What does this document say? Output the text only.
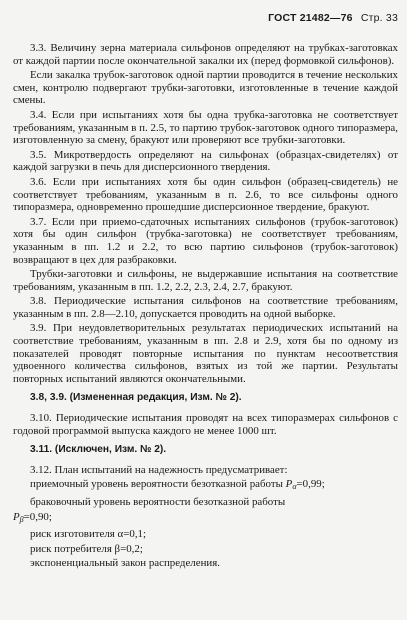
ГОСТ 21482—76 Стр. 33

3.3. Величину зерна материала сильфонов определяют на трубках-заготовках от каждой партии после окончательной закалки их (перед формовкой сильфонов).

Если закалка трубок-заготовок одной партии проводится в течение нескольких смен, контролю подвергают трубки-заготовки, изготовленные в течение каждой смены.

3.4. Если при испытаниях хотя бы одна трубка-заготовка не соответствует требованиям, указанным в п. 2.5, то партию трубок-заготовок одного типоразмера, изготовленную за смену, бракуют или проверяют все трубки-заготовки.

3.5. Микротвердость определяют на сильфонах (образцах-свидетелях) от каждой загрузки в печь для дисперсионного твердения.

3.6. Если при испытаниях хотя бы один сильфон (образец-свидетель) не соответствует требованиям, указанным в п. 2.6, то все сильфоны одного типоразмера, одновременно прошедшие дисперсионное твердение, бракуют.

3.7. Если при приемо-сдаточных испытаниях сильфонов (трубок-заготовок) хотя бы один сильфон (трубка-заготовка) не соответствует требованиям, указанным в пп. 1.2 и 2.2, то всю партию сильфонов (трубок-заготовок) возвращают в цех для разбраковки.

Трубки-заготовки и сильфоны, не выдержавшие испытания на соответствие требованиям, указанным в пп. 1.2, 2.2, 2.3, 2.4, 2.7, бракуют.

3.8. Периодические испытания сильфонов на соответствие требованиям, указанным в пп. 2.8—2.10, допускается проводить на одной выборке.

3.9. При неудовлетворительных результатах периодических испытаний на соответствие требованиям, указанным в пп. 2.8 и 2.9, хотя бы по одному из показателей проводят повторные испытания по пунктам несоответствия удвоенного количества сильфонов, взятых из той же партии. Результаты повторных испытаний являются окончательными.

3.8, 3.9. (Измененная редакция, Изм. № 2).

3.10. Периодические испытания проводят на всех типоразмерах сильфонов с годовой программой выпуска каждого не менее 1000 шт.

3.11. (Исключен, Изм. № 2).

3.12. План испытаний на надежность предусматривает:

приемочный уровень вероятности безотказной работы $P_\alpha=0,99$;

браковочный уровень вероятности безотказной работы

$P_\beta=0,90$;

риск изготовителя α=0,1;

риск потребителя β=0,2;

экспоненциальный закон распределения.
